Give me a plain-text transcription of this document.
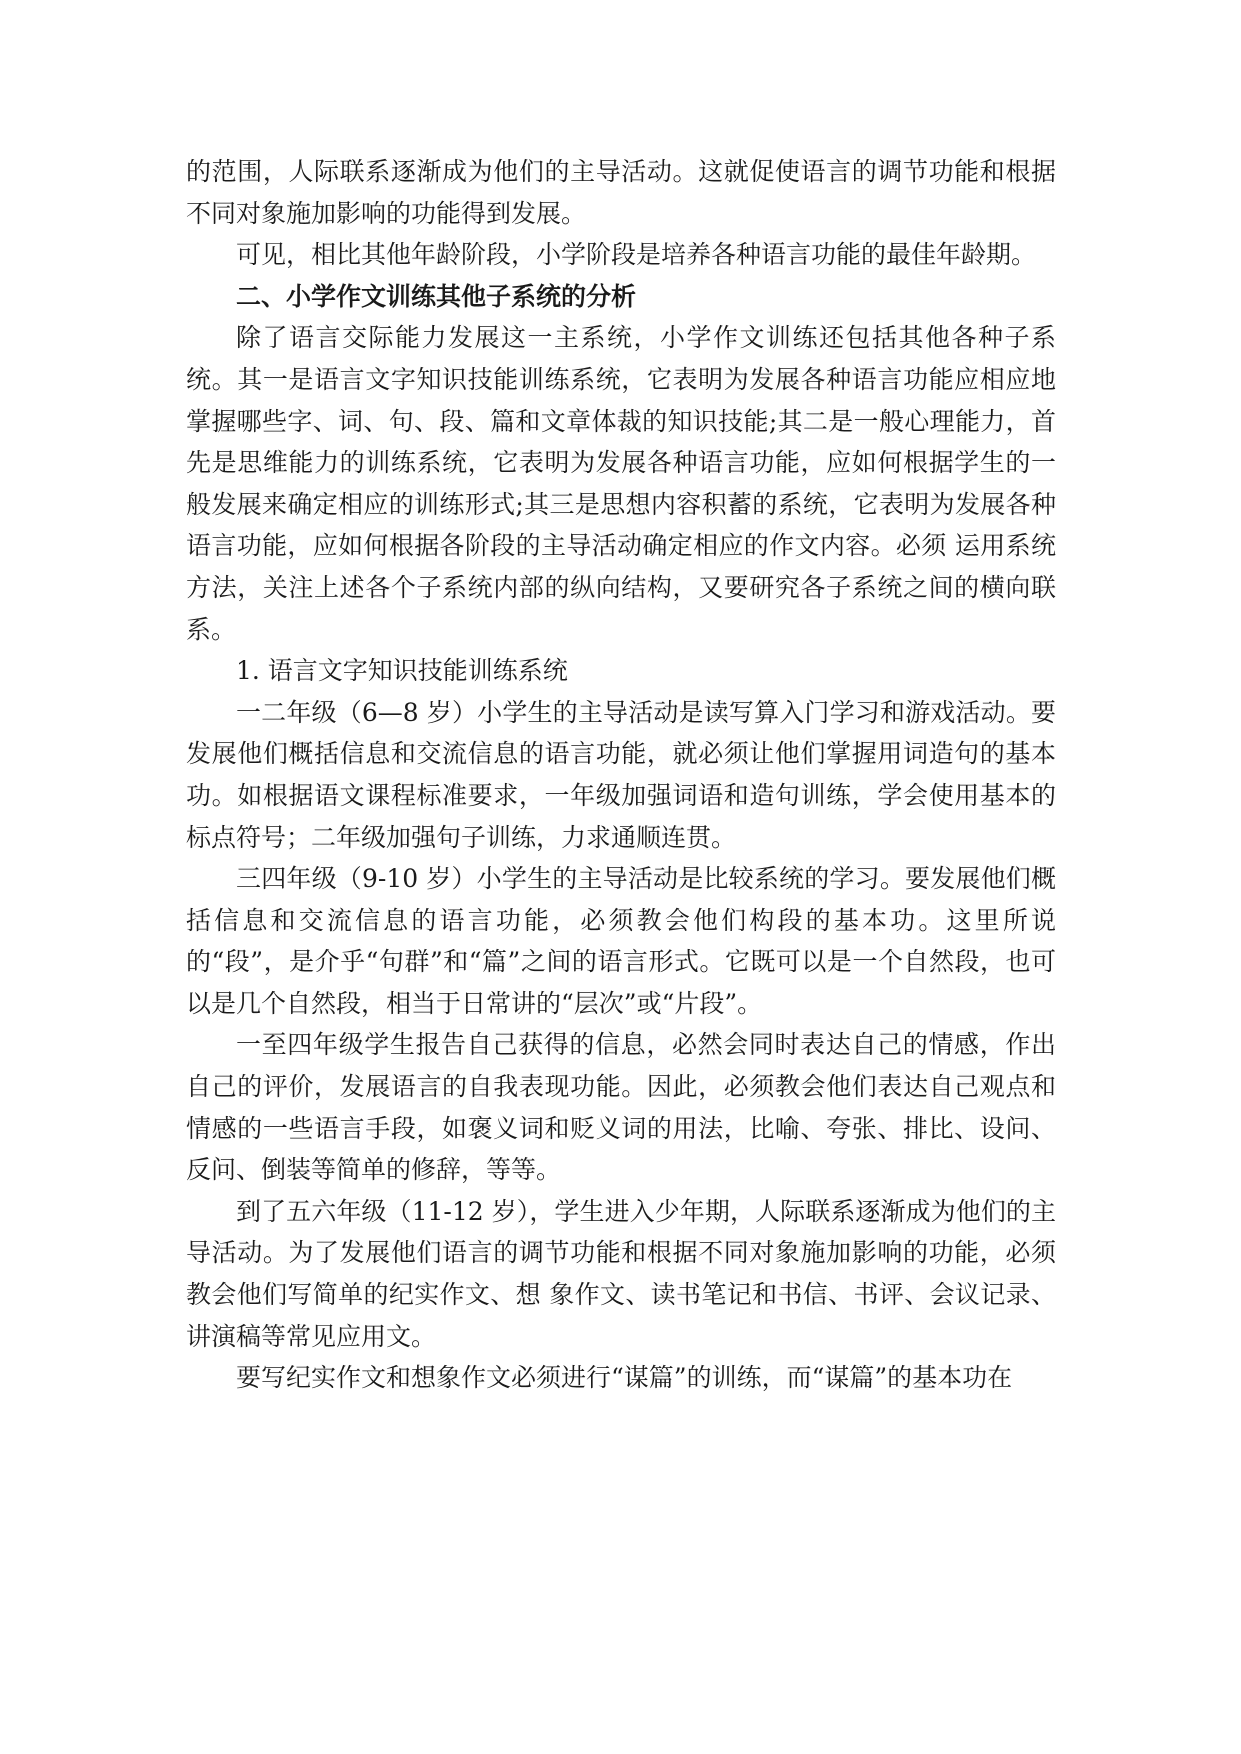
的范围，人际联系逐渐成为他们的主导活动。这就促使语言的调节功能和根据不同对象施加影响的功能得到发展。

可见，相比其他年龄阶段，小学阶段是培养各种语言功能的最佳年龄期。

二、小学作文训练其他子系统的分析

除了语言交际能力发展这一主系统，小学作文训练还包括其他各种子系统。其一是语言文字知识技能训练系统，它表明为发展各种语言功能应相应地掌握哪些字、词、句、段、篇和文章体裁的知识技能;其二是一般心理能力，首先是思维能力的训练系统，它表明为发展各种语言功能，应如何根据学生的一般发展来确定相应的训练形式;其三是思想内容积蓄的系统，它表明为发展各种语言功能，应如何根据各阶段的主导活动确定相应的作文内容。必须 运用系统方法，关注上述各个子系统内部的纵向结构，又要研究各子系统之间的横向联系。

1. 语言文字知识技能训练系统

一二年级（6—8 岁）小学生的主导活动是读写算入门学习和游戏活动。要发展他们概括信息和交流信息的语言功能，就必须让他们掌握用词造句的基本功。如根据语文课程标准要求，一年级加强词语和造句训练，学会使用基本的标点符号；二年级加强句子训练，力求通顺连贯。

三四年级（9-10 岁）小学生的主导活动是比较系统的学习。要发展他们概括信息和交流信息的语言功能，必须教会他们构段的基本功。这里所说的“段”，是介乎“句群”和“篇”之间的语言形式。它既可以是一个自然段，也可以是几个自然段，相当于日常讲的“层次”或“片段”。

一至四年级学生报告自己获得的信息，必然会同时表达自己的情感，作出自己的评价，发展语言的自我表现功能。因此，必须教会他们表达自己观点和情感的一些语言手段，如褒义词和贬义词的用法，比喻、夸张、排比、设问、反问、倒装等简单的修辞，等等。

到了五六年级（11-12 岁），学生进入少年期，人际联系逐渐成为他们的主导活动。为了发展他们语言的调节功能和根据不同对象施加影响的功能，必须教会他们写简单的纪实作文、想 象作文、读书笔记和书信、书评、会议记录、讲演稿等常见应用文。

要写纪实作文和想象作文必须进行“谋篇”的训练，而“谋篇”的基本功在
